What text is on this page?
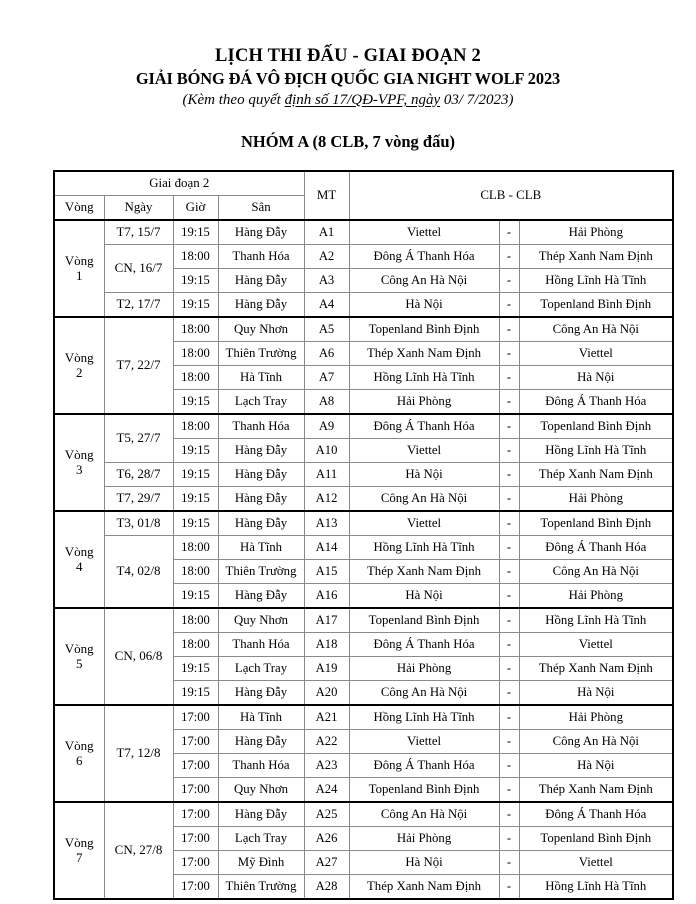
LỊCH THI ĐẤU - GIAI ĐOẠN 2
GIẢI BÓNG ĐÁ VÔ ĐỊCH QUỐC GIA NIGHT WOLF 2023
(Kèm theo quyết định số 17/QĐ-VPF, ngày 03/ 7/2023)
NHÓM A (8 CLB, 7 vòng đấu)
Giai đoạn 2				MT	CLB - CLB		
Vòng	Ngày	Giờ	Sân				

Vòng
1	T7, 15/7	19:15	Hàng Đẫy	A1	Viettel	-	Hải Phòng
	CN, 16/7	18:00	Thanh Hóa	A2	Đông Á Thanh Hóa	-	Thép Xanh Nam Định
		19:15	Hàng Đẫy	A3	Công An Hà Nội	-	Hồng Lĩnh Hà Tĩnh
	T2, 17/7	19:15	Hàng Đẫy	A4	Hà Nội	-	Topenland Bình Định

Vòng
2	T7, 22/7	18:00	Quy Nhơn	A5	Topenland Bình Định	-	Công An Hà Nội
		18:00	Thiên Trường	A6	Thép Xanh Nam Định	-	Viettel
		18:00	Hà Tĩnh	A7	Hồng Lĩnh Hà Tĩnh	-	Hà Nội
		19:15	Lạch Tray	A8	Hải Phòng	-	Đông Á Thanh Hóa

Vòng
3	T5, 27/7	18:00	Thanh Hóa	A9	Đông Á Thanh Hóa	-	Topenland Bình Định
		19:15	Hàng Đẫy	A10	Viettel	-	Hồng Lĩnh Hà Tĩnh
	T6, 28/7	19:15	Hàng Đẫy	A11	Hà Nội	-	Thép Xanh Nam Định
	T7, 29/7	19:15	Hàng Đẫy	A12	Công An Hà Nội	-	Hải Phòng

Vòng
4	T3, 01/8	19:15	Hàng Đẫy	A13	Viettel	-	Topenland Bình Định
	T4, 02/8	18:00	Hà Tĩnh	A14	Hồng Lĩnh Hà Tĩnh	-	Đông Á Thanh Hóa
		18:00	Thiên Trường	A15	Thép Xanh Nam Định	-	Công An Hà Nội
		19:15	Hàng Đẫy	A16	Hà Nội	-	Hải Phòng

Vòng
5	CN, 06/8	18:00	Quy Nhơn	A17	Topenland Bình Định	-	Hồng Lĩnh Hà Tĩnh
		18:00	Thanh Hóa	A18	Đông Á Thanh Hóa	-	Viettel
		19:15	Lạch Tray	A19	Hải Phòng	-	Thép Xanh Nam Định
		19:15	Hàng Đẫy	A20	Công An Hà Nội	-	Hà Nội

Vòng
6	T7, 12/8	17:00	Hà Tĩnh	A21	Hồng Lĩnh Hà Tĩnh	-	Hải Phòng
		17:00	Hàng Đẫy	A22	Viettel	-	Công An Hà Nội
		17:00	Thanh Hóa	A23	Đông Á Thanh Hóa	-	Hà Nội
		17:00	Quy Nhơn	A24	Topenland Bình Định	-	Thép Xanh Nam Định

Vòng
7	CN, 27/8	17:00	Hàng Đẫy	A25	Công An Hà Nội	-	Đông Á Thanh Hóa
		17:00	Lạch Tray	A26	Hải Phòng	-	Topenland Bình Định
		17:00	Mỹ Đình	A27	Hà Nội	-	Viettel
		17:00	Thiên Trường	A28	Thép Xanh Nam Định	-	Hồng Lĩnh Hà Tĩnh
